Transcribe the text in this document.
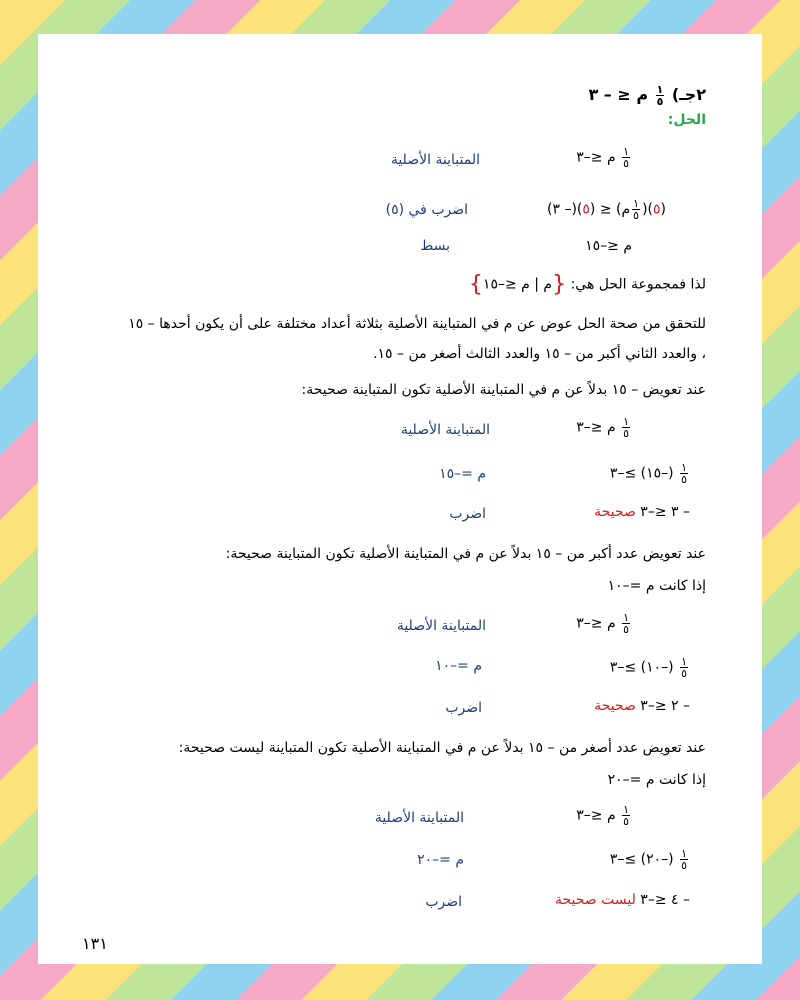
٢جـ)
$\frac{١}{٥}$
م ≤ – ٣
الحل:
$\frac{١}{٥}$
م ≤–٣
المتباينة الأصلية
(٥)(
$\frac{١}{٥}$
م) ≤ (٥)(– ٣)
اضرب في (٥)
م ≤–١٥
بسط
لذا فمجموعة الحل هي: {م | م ≤–١٥}
للتحقق من صحة الحل عوض عن م في المتباينة الأصلية بثلاثة أعداد مختلفة على أن يكون أحدها – ١٥
، والعدد الثاني أكبر من – ١٥ والعدد الثالث أصغر من – ١٥.
عند تعويض – ١٥ بدلاً عن م في المتباينة الأصلية تكون المتباينة صحيحة:
$\frac{١}{٥}$
م ≤–٣
المتباينة الأصلية
$\frac{١}{٥}$
(–١٥) ≥–٣
م =–١٥
– ٣ ≤–٣ صحيحة
اضرب
عند تعويض عدد أكبر من – ١٥ بدلاً عن م في المتباينة الأصلية تكون المتباينة صحيحة:
إذا كانت م =–١٠
$\frac{١}{٥}$
م ≤–٣
المتباينة الأصلية
$\frac{١}{٥}$
(–١٠) ≥–٣
م =–١٠
– ٢ ≤–٣ صحيحة
اضرب
عند تعويض عدد أصغر من – ١٥ بدلاً عن م في المتباينة الأصلية تكون المتباينة ليست صحيحة:
إذا كانت م =–٢٠
$\frac{١}{٥}$
م ≤–٣
المتباينة الأصلية
$\frac{١}{٥}$
(–٢٠) ≥–٣
م =–٢٠
– ٤ ≤–٣ ليست صحيحة
اضرب
١٣١
